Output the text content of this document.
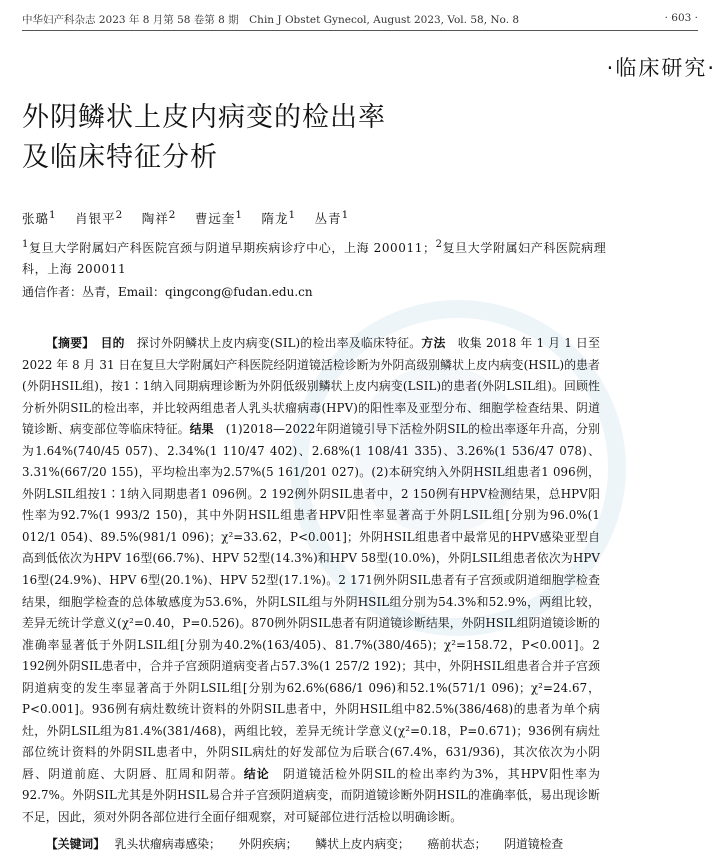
中华妇产科杂志 2023 年 8 月第 58 卷第 8 期　Chin J Obstet Gynecol, August 2023, Vol. 58, No. 8	· 603 ·
·临床研究·
外阴鳞状上皮内病变的检出率
及临床特征分析
张璐$^1$  肖银平$^2$  陶祥$^2$  曹远奎$^1$  隋龙$^1$  丛青$^1$
$^1$复旦大学附属妇产科医院宫颈与阴道早期疾病诊疗中心，上海 200011；$^2$复旦大学附属妇产科医院病理科，上海 200011
通信作者：丛青，Email：qingcong@fudan.edu.cn
【摘要】  目的　探讨外阴鳞状上皮内病变(SIL)的检出率及临床特征。方法　收集 2018 年 1 月 1 日至 2022 年 8 月 31 日在复旦大学附属妇产科医院经阴道镜活检诊断为外阴高级别鳞状上皮内病变(HSIL)的患者(外阴HSIL组)，按1∶1纳入同期病理诊断为外阴低级别鳞状上皮内病变(LSIL)的患者(外阴LSIL组)。回顾性分析外阴SIL的检出率，并比较两组患者人乳头状瘤病毒(HPV)的阳性率及亚型分布、细胞学检查结果、阴道镜诊断、病变部位等临床特征。结果　(1)2018—2022年阴道镜引导下活检外阴SIL的检出率逐年升高，分别为1.64%(740/45 057)、2.34%(1 110/47 402)、2.68%(1 108/41 335)、3.26%(1 536/47 078)、3.31%(667/20 155)，平均检出率为2.57%(5 161/201 027)。(2)本研究纳入外阴HSIL组患者1 096例，外阴LSIL组按1∶1纳入同期患者1 096例。2 192例外阴SIL患者中，2 150例有HPV检测结果，总HPV阳性率为92.7%(1 993/2 150)，其中外阴HSIL组患者HPV阳性率显著高于外阴LSIL组[分别为96.0%(1 012/1 054)、89.5%(981/1 096)；χ²=33.62，P<0.001]；外阴HSIL组患者中最常见的HPV感染亚型自高到低依次为HPV 16型(66.7%)、HPV 52型(14.3%)和HPV 58型(10.0%)，外阴LSIL组患者依次为HPV 16型(24.9%)、HPV 6型(20.1%)、HPV 52型(17.1%)。2 171例外阴SIL患者有子宫颈或阴道细胞学检查结果，细胞学检查的总体敏感度为53.6%，外阴LSIL组与外阴HSIL组分别为54.3%和52.9%，两组比较，差异无统计学意义(χ²=0.40，P=0.526)。870例外阴SIL患者有阴道镜诊断结果，外阴HSIL组阴道镜诊断的准确率显著低于外阴LSIL组[分别为40.2%(163/405)、81.7%(380/465)；χ²=158.72，P<0.001]。2 192例外阴SIL患者中，合并子宫颈阴道病变者占57.3%(1 257/2 192)；其中，外阴HSIL组患者合并子宫颈阴道病变的发生率显著高于外阴LSIL组[分别为62.6%(686/1 096)和52.1%(571/1 096)；χ²=24.67，P<0.001]。936例有病灶数统计资料的外阴SIL患者中，外阴HSIL组中82.5%(386/468)的患者为单个病灶，外阴LSIL组为81.4%(381/468)，两组比较，差异无统计学意义(χ²=0.18，P=0.671)；936例有病灶部位统计资料的外阴SIL患者中，外阴SIL病灶的好发部位为后联合(67.4%，631/936)，其次依次为小阴唇、阴道前庭、大阴唇、肛周和阴蒂。结论　阴道镜活检外阴SIL的检出率约为3%，其HPV阳性率为92.7%。外阴SIL尤其是外阴HSIL易合并子宫颈阴道病变，而阴道镜诊断外阴HSIL的准确率低，易出现诊断不足，因此，须对外阴各部位进行全面仔细观察，对可疑部位进行活检以明确诊断。
【关键词】  乳头状瘤病毒感染； 外阴疾病； 鳞状上皮内病变； 癌前状态； 阴道镜检查
